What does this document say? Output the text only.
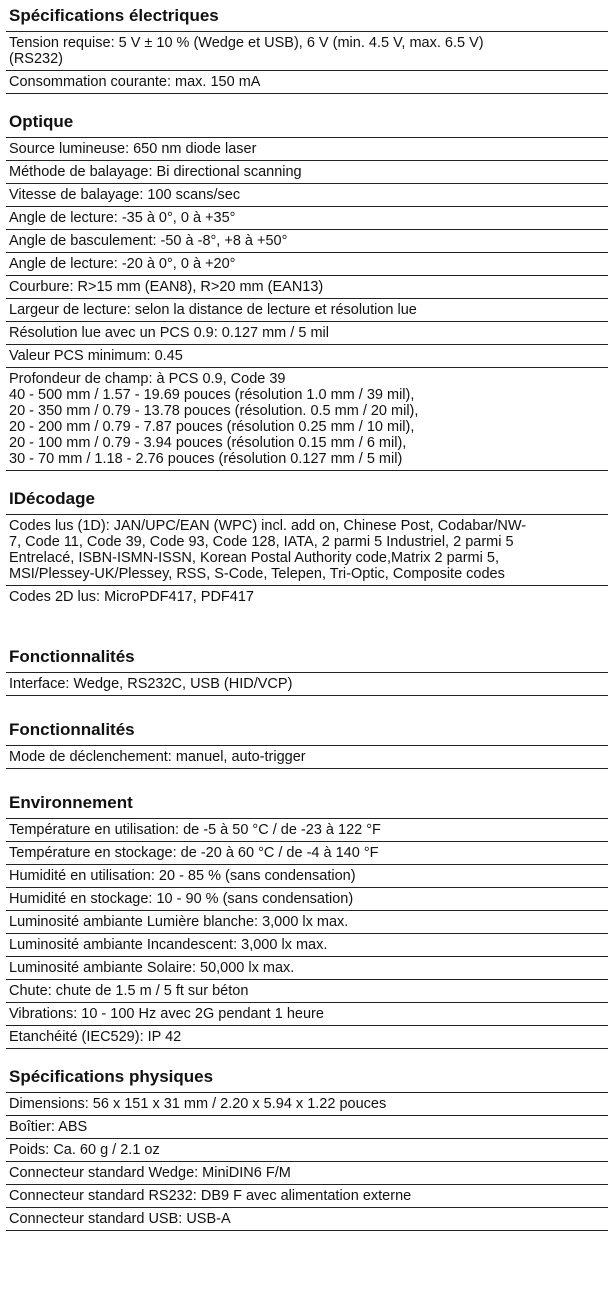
Spécifications électriques
Tension requise: 5 V ± 10 % (Wedge et USB), 6 V (min. 4.5 V, max. 6.5 V)
(RS232)
Consommation courante: max. 150 mA
Optique
Source lumineuse: 650 nm diode laser
Méthode de balayage: Bi directional scanning
Vitesse de balayage: 100 scans/sec
Angle de lecture: -35 à 0°, 0 à +35°
Angle de basculement: -50 à -8°, +8 à +50°
Angle de lecture: -20 à 0°, 0 à +20°
Courbure: R>15 mm (EAN8), R>20 mm (EAN13)
Largeur de lecture: selon la distance de lecture et résolution lue
Résolution lue avec un PCS 0.9: 0.127 mm / 5 mil
Valeur PCS minimum: 0.45
Profondeur de champ: à PCS 0.9, Code 39
40 - 500 mm / 1.57 - 19.69 pouces (résolution 1.0 mm / 39 mil),
20 - 350 mm / 0.79 - 13.78 pouces (résolution. 0.5 mm / 20 mil),
20 - 200 mm / 0.79 - 7.87 pouces (résolution 0.25 mm / 10 mil),
20 - 100 mm / 0.79 - 3.94 pouces (résolution 0.15 mm / 6 mil),
30 - 70 mm / 1.18 - 2.76 pouces (résolution 0.127 mm / 5 mil)
IDécodage
Codes lus (1D): JAN/UPC/EAN (WPC) incl. add on, Chinese Post, Codabar/NW-
7, Code 11, Code 39, Code 93, Code 128, IATA, 2 parmi 5 Industriel, 2 parmi 5
Entrelacé, ISBN-ISMN-ISSN, Korean Postal Authority code,Matrix 2 parmi 5,
MSI/Plessey-UK/Plessey, RSS, S-Code, Telepen, Tri-Optic, Composite codes
Codes 2D lus: MicroPDF417, PDF417
Fonctionnalités
Interface: Wedge, RS232C, USB (HID/VCP)
Fonctionnalités
Mode de déclenchement: manuel, auto-trigger
Environnement
Température en utilisation: de -5 à 50 °C / de -23 à 122 °F
Température en stockage: de -20 à 60 °C / de -4 à 140 °F
Humidité en utilisation: 20 - 85 % (sans condensation)
Humidité en stockage: 10 - 90 % (sans condensation)
Luminosité ambiante Lumière blanche: 3,000 lx max.
Luminosité ambiante Incandescent: 3,000 lx max.
Luminosité ambiante Solaire: 50,000 lx max.
Chute: chute de 1.5 m / 5 ft sur béton
Vibrations: 10 - 100 Hz avec 2G pendant 1 heure
Etanchéité (IEC529): IP 42
Spécifications physiques
Dimensions: 56 x 151 x 31 mm / 2.20 x 5.94 x 1.22 pouces
Boîtier: ABS
Poids: Ca. 60 g / 2.1 oz
Connecteur standard Wedge: MiniDIN6 F/M
Connecteur standard RS232: DB9 F avec alimentation externe
Connecteur standard USB: USB-A
